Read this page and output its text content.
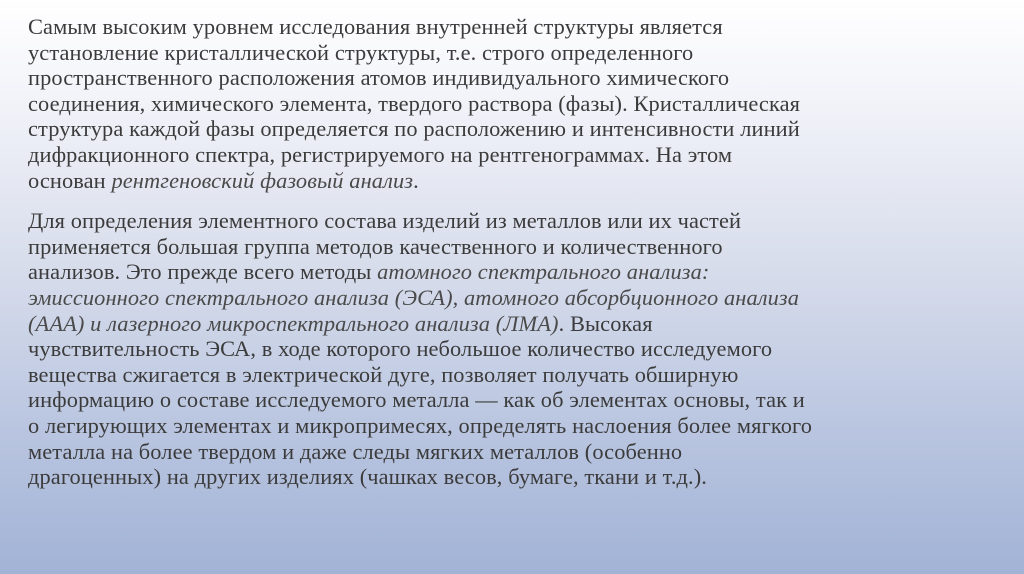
Самым высоким уровнем исследования внутренней структуры является
установление кристаллической структуры, т.е. строго определенного
пространственного расположения атомов индивидуального химического
соединения, химического элемента, твердого раствора (фазы). Кристаллическая
структура каждой фазы определяется по расположению и интенсивности линий
дифракционного спектра, регистрируемого на рентгенограммах. На этом
основан рентгеновский фазовый анализ.

Для определения элементного состава изделий из металлов или их частей
применяется большая группа методов качественного и количественного
анализов. Это прежде всего методы атомного спектрального анализа:
эмиссионного спектрального анализа (ЭСА), атомного абсорбционного анализа
(ААА) и лазерного микроспектрального анализа (ЛМА). Высокая
чувствительность ЭСА, в ходе которого небольшое количество исследуемого
вещества сжигается в электрической дуге, позволяет получать обширную
информацию о составе исследуемого металла — как об элементах основы, так и
о легирующих элементах и микропримесях, определять наслоения более мягкого
металла на более твердом и даже следы мягких металлов (особенно
драгоценных) на других изделиях (чашках весов, бумаге, ткани и т.д.).
